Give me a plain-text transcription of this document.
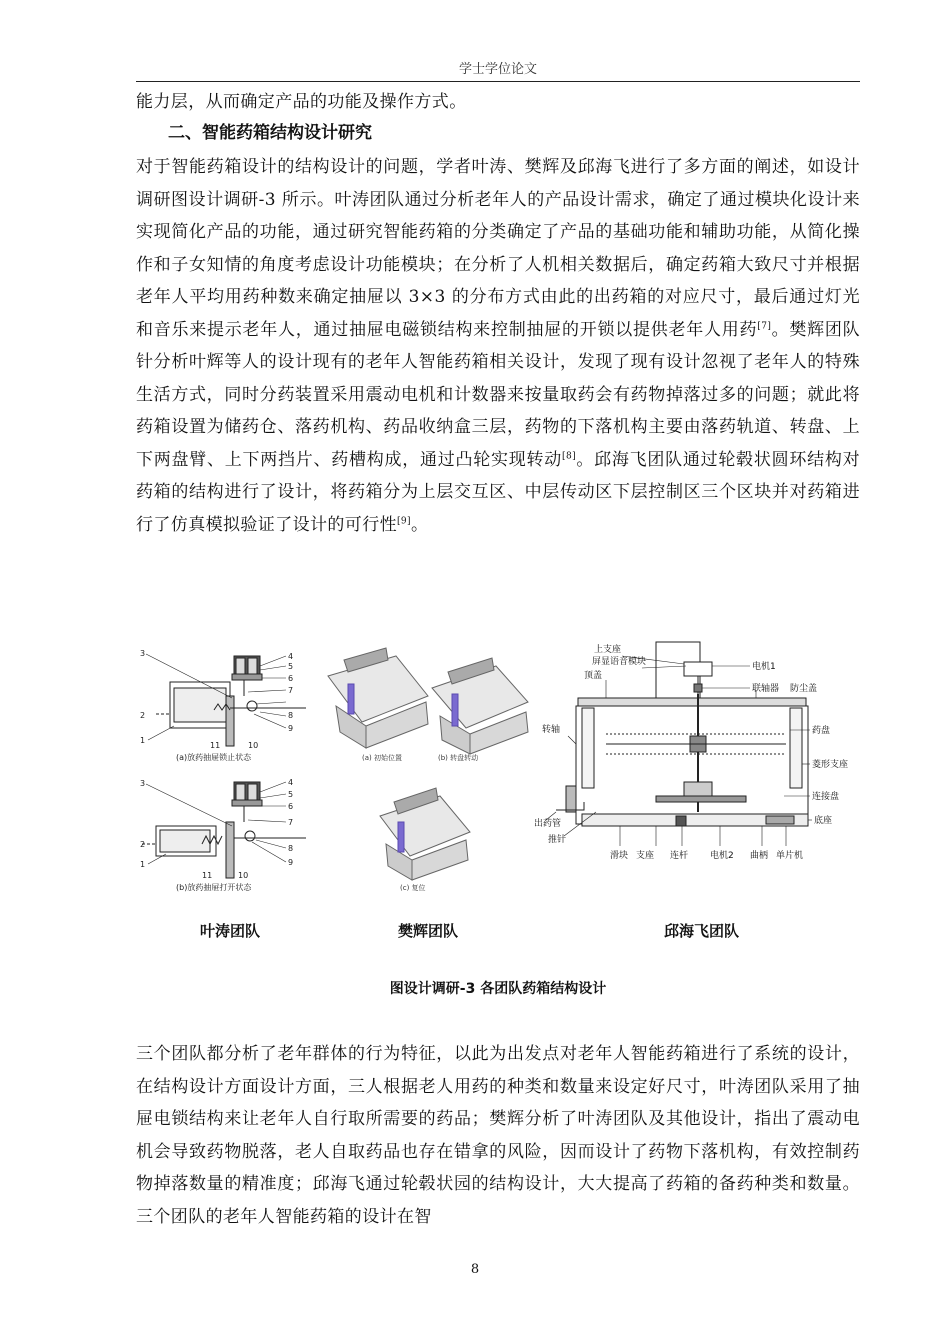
学士学位论文

能力层，从而确定产品的功能及操作方式。

二、智能药箱结构设计研究

对于智能药箱设计的结构设计的问题，学者叶涛、樊辉及邱海飞进行了多方面的阐述，如设计调研图设计调研-3 所示。叶涛团队通过分析老年人的产品设计需求，确定了通过模块化设计来实现简化产品的功能，通过研究智能药箱的分类确定了产品的基础功能和辅助功能，从简化操作和子女知情的角度考虑设计功能模块；在分析了人机相关数据后，确定药箱大致尺寸并根据老年人平均用药种数来确定抽屉以 3×3 的分布方式由此的出药箱的对应尺寸，最后通过灯光和音乐来提示老年人，通过抽屉电磁锁结构来控制抽屉的开锁以提供老年人用药[7]。樊辉团队针分析叶辉等人的设计现有的老年人智能药箱相关设计，发现了现有设计忽视了老年人的特殊生活方式，同时分药装置采用震动电机和计数器来按量取药会有药物掉落过多的问题；就此将药箱设置为储药仓、落药机构、药品收纳盒三层，药物的下落机构主要由落药轨道、转盘、上下两盘臂、上下两挡片、药槽构成，通过凸轮实现转动[8]。邱海飞团队通过轮毂状圆环结构对药箱的结构进行了设计，将药箱分为上层交互区、中层传动区下层控制区三个区块并对药箱进行了仿真模拟验证了设计的可行性[9]。

3	4
5
6
7
8
9
2
1
11	10
(a)放药抽屉锁止状态
3	4
5
6
7
8
9
2
1
11	10
(b)放药抽屉打开状态
(a) 初始位置	(b) 转盘转动
(c) 复位
上支座
屏显语音模块
顶盖
电机1
联轴器 防尘盖
转轴	药盘
菱形支座
出药管
连接盘
推针
底座
滑块 支座 连杆 电机2 曲柄 单片机
叶涛团队	樊辉团队	邱海飞团队
图设计调研-3 各团队药箱结构设计

三个团队都分析了老年群体的行为特征，以此为出发点对老年人智能药箱进行了系统的设计，在结构设计方面设计方面，三人根据老人用药的种类和数量来设定好尺寸，叶涛团队采用了抽屉电锁结构来让老年人自行取所需要的药品；樊辉分析了叶涛团队及其他设计，指出了震动电机会导致药物脱落，老人自取药品也存在错拿的风险，因而设计了药物下落机构，有效控制药物掉落数量的精准度；邱海飞通过轮毂状园的结构设计，大大提高了药箱的备药种类和数量。三个团队的老年人智能药箱的设计在智

8
